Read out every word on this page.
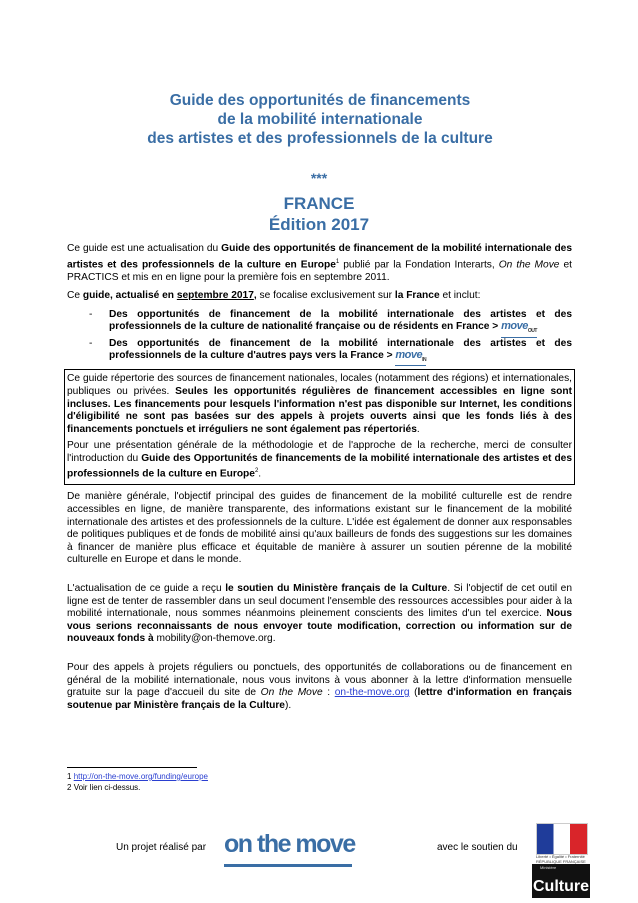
Guide des opportunités de financements
de la mobilité internationale
des artistes et des professionnels de la culture
***
FRANCE
Édition 2017

Ce guide est une actualisation du Guide des opportunités de financement de la mobilité internationale des artistes et des professionnels de la culture en Europe$^1$ publié par la Fondation Interarts, On the Move et PRACTICS et mis en en ligne pour la première fois en septembre 2011.

Ce guide, actualisé en septembre 2017, se focalise exclusivement sur la France et inclut:

- Des opportunités de financement de la mobilité internationale des artistes et des professionnels de la culture de nationalité française ou de résidents en France > move$_{OUT}$
- Des opportunités de financement de la mobilité internationale des artistes et des professionnels de la culture d'autres pays vers la France > move$_{IN}$

Ce guide répertorie des sources de financement nationales, locales (notamment des régions) et internationales, publiques ou privées. Seules les opportunités régulières de financement accessibles en ligne sont incluses. Les financements pour lesquels l'information n'est pas disponible sur Internet, les conditions d'éligibilité ne sont pas basées sur des appels à projets ouverts ainsi que les fonds liés à des financements ponctuels et irréguliers ne sont également pas répertoriés.

Pour une présentation générale de la méthodologie et de l'approche de la recherche, merci de consulter l'introduction du Guide des Opportunités de financements de la mobilité internationale des artistes et des professionnels de la culture en Europe$^2$.

De manière générale, l'objectif principal des guides de financement de la mobilité culturelle est de rendre accessibles en ligne, de manière transparente, des informations existant sur le financement de la mobilité internationale des artistes et des professionnels de la culture. L'idée est également de donner aux responsables de politiques publiques et de fonds de mobilité ainsi qu'aux bailleurs de fonds des suggestions sur les domaines à financer de manière plus efficace et équitable de manière à assurer un soutien pérenne de la mobilité culturelle en Europe et dans le monde.

L'actualisation de ce guide a reçu le soutien du Ministère français de la Culture. Si l'objectif de cet outil en ligne est de tenter de rassembler dans un seul document l'ensemble des ressources accessibles pour aider à la mobilité internationale, nous sommes néanmoins pleinement conscients des limites d'un tel exercice. Nous vous serions reconnaissants de nous envoyer toute modification, correction ou information sur de nouveaux fonds à mobility@on-themove.org.

Pour des appels à projets réguliers ou ponctuels, des opportunités de collaborations ou de financement en général de la mobilité internationale, nous vous invitons à vous abonner à la lettre d'information mensuelle gratuite sur la page d'accueil du site de On the Move : on-the-move.org (lettre d'information en français soutenue par Ministère français de la Culture).

1 http://on-the-move.org/funding/europe
2 Voir lien ci-dessus.
Un projet réalisé par on the move	avec le soutien du
Liberté • Égalité • Fraternité RÉPUBLIQUE FRANÇAISE
Culture
Ministère
